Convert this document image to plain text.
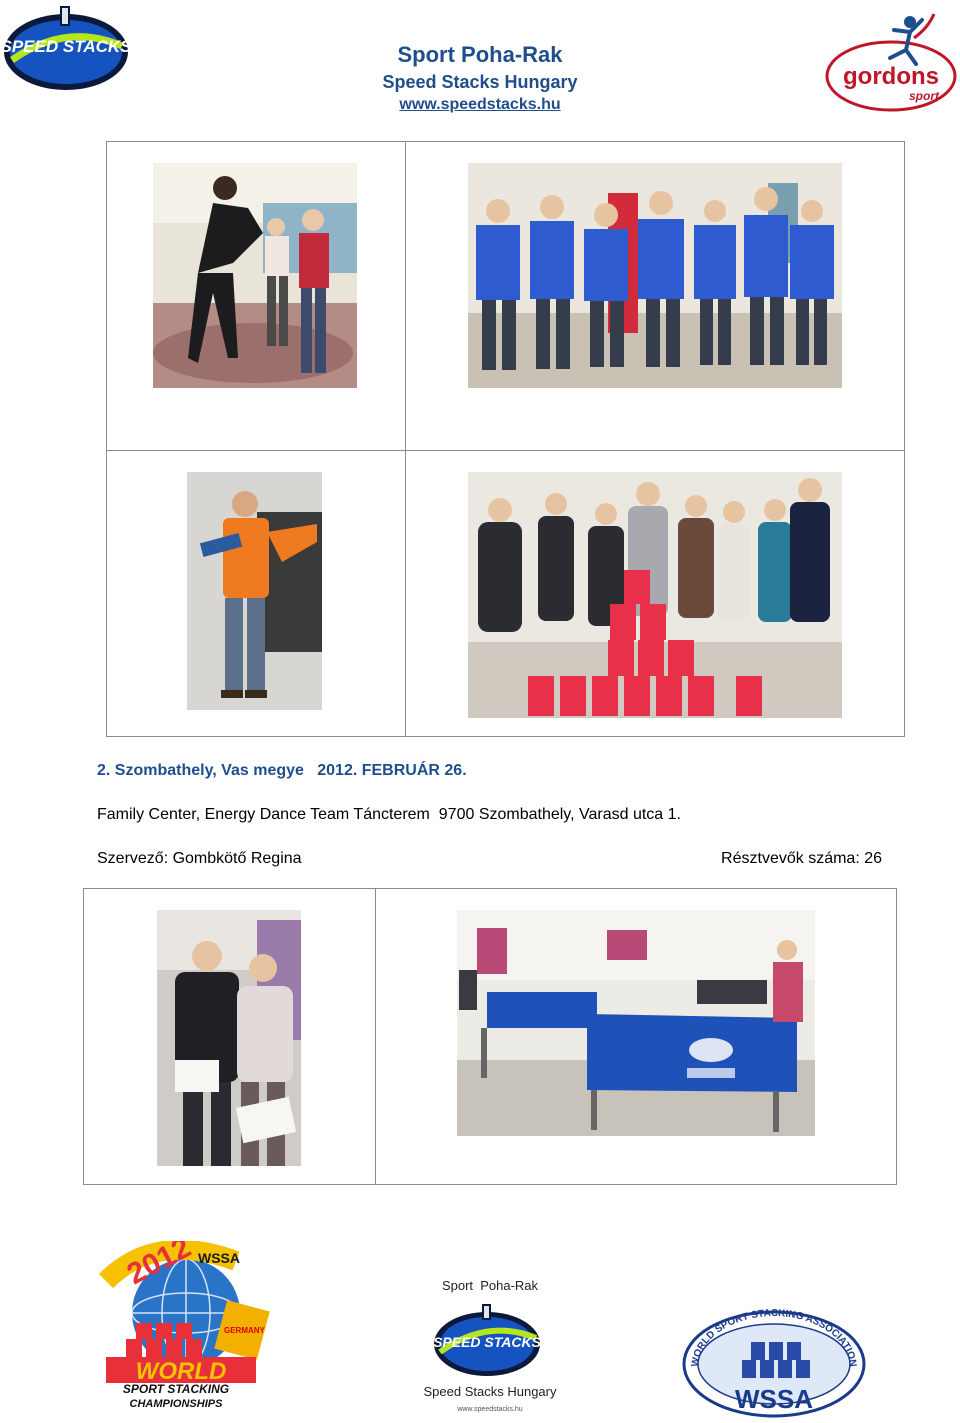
SPEED STACKS	Sport Poha-Rak
Speed Stacks Hungary
www.speedstacks.hu
gordons
sport
2. Szombathely, Vas megye   2012. FEBRUÁR 26.
Family Center, Energy Dance Team Táncterem  9700 Szombathely, Varasd utca 1.
Szervező: Gombkötő Regina	Résztvevők száma: 26
2012 WSSA
GERMANY
WORLD
SPORT STACKING
CHAMPIONSHIPS
Sport  Poha-Rak
SPEED STACKS
Speed Stacks Hungary
www.speedstacks.hu
WORLD SPORT STACKING ASSOCIATION
WSSA
